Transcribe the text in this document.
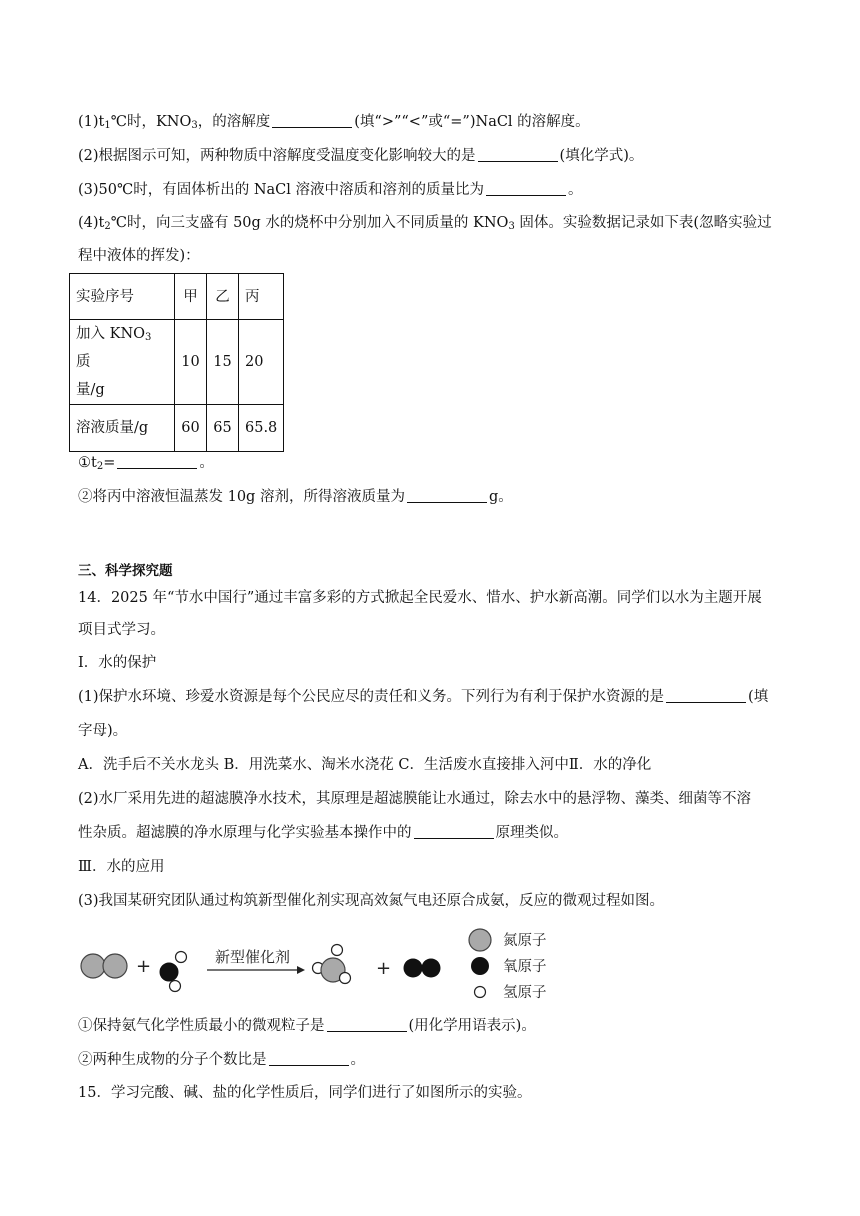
$(1)t_1℃$时，$KNO_3$，的溶解度	(填“>”“<”或“=”)NaCl 的溶解度。
(2)根据图示可知，两种物质中溶解度受温度变化影响较大的是	(填化学式)。
(3)50℃时，有固体析出的 NaCl 溶液中溶质和溶剂的质量比为	。
$(4)t_2℃$时，向三支盛有 50g 水的烧杯中分别加入不同质量的 $KNO_3$ 固体。实验数据记录如下表(忽略实验过
程中液体的挥发)：
实验序号	甲	乙	丙

加入 $KNO_3$ 质
量/g	10	15	20
溶液质量/g	60	65	65.8
$①t_2=$	。
②将丙中溶液恒温蒸发 10g 溶剂，所得溶液质量为	g。
三、科学探究题
14．2025 年“节水中国行”通过丰富多彩的方式掀起全民爱水、惜水、护水新高潮。同学们以水为主题开展
项目式学习。
Ⅰ．水的保护
(1)保护水环境、珍爱水资源是每个公民应尽的责任和义务。下列行为有利于保护水资源的是	(填
字母)。
A．洗手后不关水龙头 B．用洗菜水、淘米水浇花 C．生活废水直接排入河中Ⅱ．水的净化
(2)水厂采用先进的超滤膜净水技术，其原理是超滤膜能让水通过，除去水中的悬浮物、藻类、细菌等不溶
性杂质。超滤膜的净水原理与化学实验基本操作中的	原理类似。
Ⅲ．水的应用
(3)我国某研究团队通过构筑新型催化剂实现高效氮气电还原合成氨，反应的微观过程如图。
+	新型催化剂
+
氮原子
氧原子
氢原子
①保持氨气化学性质最小的微观粒子是	(用化学用语表示)。
②两种生成物的分子个数比是	。
15．学习完酸、碱、盐的化学性质后，同学们进行了如图所示的实验。
